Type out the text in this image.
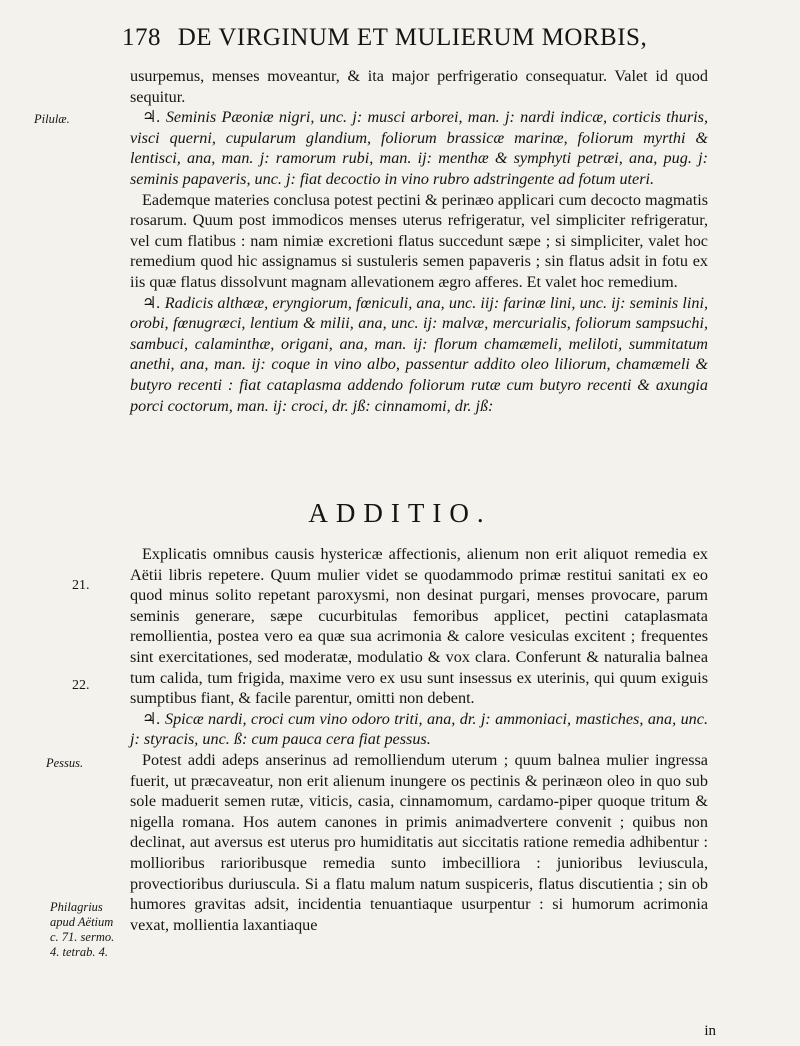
178 DE VIRGINUM ET MULIERUM MORBIS,
Pilulæ.

usurpemus, menses moveantur, & ita major perfrigeratio consequatur. Valet id quod sequitur.

♃. Seminis Pæoniæ nigri, unc. j: musci arborei, man. j: nardi indicæ, corticis thuris, visci querni, cupularum glandium, foliorum brassicæ marinæ, foliorum myrthi & lentisci, ana, man. j: ramorum rubi, man. ij: menthæ & symphyti petræi, ana, pug. j: seminis papaveris, unc. j: fiat decoctio in vino rubro adstringente ad fotum uteri.

Eademque materies conclusa potest pectini & perinæo applicari cum decocto magmatis rosarum. Quum post immodicos menses uterus refrigeratur, vel simpliciter refrigeratur, vel cum flatibus : nam nimiæ excretioni flatus succedunt sæpe ; si simpliciter, valet hoc remedium quod hic assignamus si sustuleris semen papaveris ; sin flatus adsit in fotu ex iis quæ flatus dissolvunt magnam allevationem ægro afferes. Et valet hoc remedium.

♃. Radicis althææ, eryngiorum, fœniculi, ana, unc. iij: farinæ lini, unc. ij: seminis lini, orobi, fœnugræci, lentium & milii, ana, unc. ij: malvæ, mercurialis, foliorum sampsuchi, sambuci, calaminthæ, origani, ana, man. ij: florum chamæmeli, meliloti, summitatum anethi, ana, man. ij: coque in vino albo, passentur addito oleo liliorum, chamæmeli & butyro recenti : fiat cataplasma addendo foliorum rutæ cum butyro recenti & axungia porci coctorum, man. ij: croci, dr. jß: cinnamomi, dr. jß:

ADDITIO.
21.
22.
Pessus.
Philagrius
apud Aëtium
c. 71. sermo.
4. tetrab. 4.

Explicatis omnibus causis hystericæ affectionis, alienum non erit aliquot remedia ex Aëtii libris repetere. Quum mulier videt se quodammodo primæ restitui sanitati ex eo quod minus solito repetant paroxysmi, non desinat purgari, menses provocare, parum seminis generare, sæpe cucurbitulas femoribus applicet, pectini cataplasmata remollientia, postea vero ea quæ sua acrimonia & calore vesiculas excitent ; frequentes sint exercitationes, sed moderatæ, modulatio & vox clara. Conferunt & naturalia balnea tum calida, tum frigida, maxime vero ex usu sunt insessus ex uterinis, qui quum exiguis sumptibus fiant, & facile parentur, omitti non debent.

♃. Spicæ nardi, croci cum vino odoro triti, ana, dr. j: ammoniaci, mastiches, ana, unc. j: styracis, unc. ß: cum pauca cera fiat pessus.

Potest addi adeps anserinus ad remolliendum uterum ; quum balnea mulier ingressa fuerit, ut præcaveatur, non erit alienum inungere os pectinis & perinæon oleo in quo sub sole maduerit semen rutæ, viticis, casia, cinnamomum, cardamo-piper quoque tritum & nigella romana. Hos autem canones in primis animadvertere convenit ; quibus non declinat, aut aversus est uterus pro humiditatis aut siccitatis ratione remedia adhibentur : mollioribus rarioribusque remedia sunto imbecilliora : junioribus leviuscula, provectioribus duriuscula. Si a flatu malum natum suspiceris, flatus discutientia ; sin ob humores gravitas adsit, incidentia tenuantiaque usurpentur : si humorum acrimonia vexat, mollientia laxantiaque

in
